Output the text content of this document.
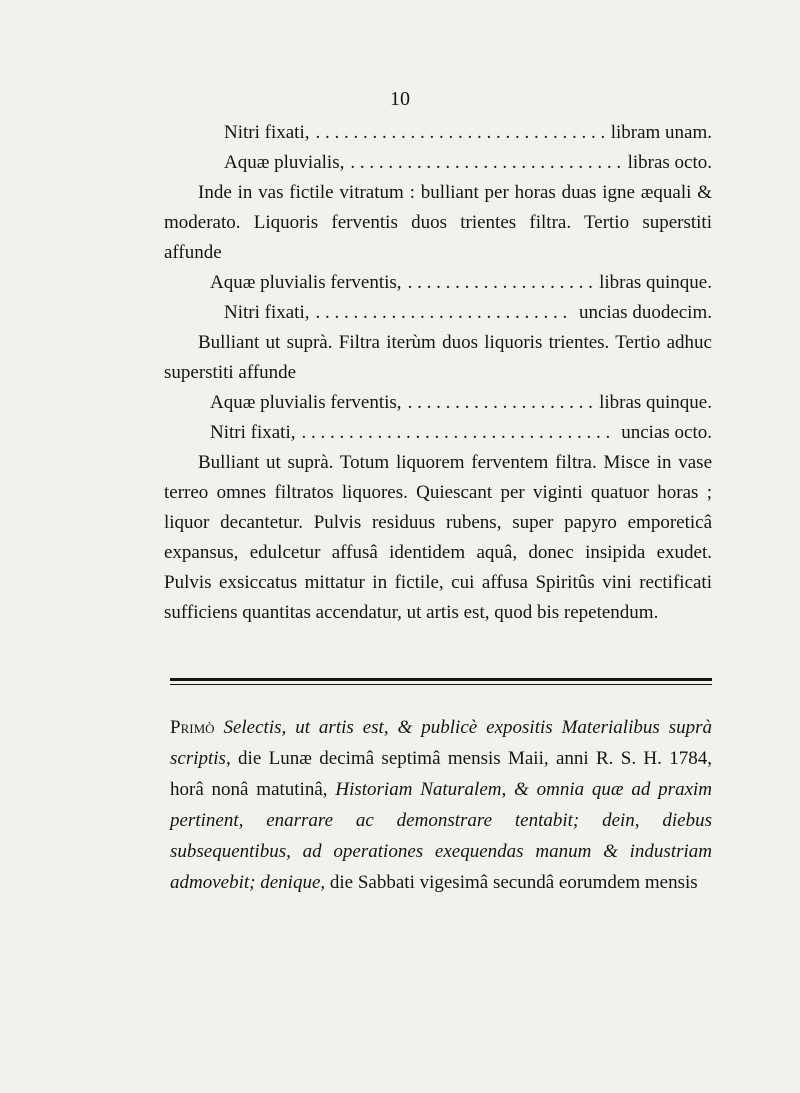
10
Nitri fixati, . . .	libram unam.
Aquæ pluvialis, . . .	libras octo.
Inde in vas fictile vitratum : bulliant per horas duas igne æquali & moderato. Liquoris ferventis duos trientes filtra. Tertio superstiti affunde
Aquæ pluvialis ferventis, . . .	libras quinque.
Nitri fixati, . . .	uncias duodecim.
Bulliant ut suprà. Filtra iterùm duos liquoris trientes. Tertio adhuc superstiti affunde
Aquæ pluvialis ferventis, . . .	libras quinque.
Nitri fixati, . . .	uncias octo.
Bulliant ut suprà. Totum liquorem ferventem filtra. Misce in vase terreo omnes filtratos liquores. Quiescant per viginti quatuor horas ; liquor decantetur. Pulvis residuus rubens, super papyro emporeticâ expansus, edulcetur affusâ identidem aquâ, donec insipida exudet. Pulvis exsiccatus mittatur in fictile, cui affusa Spiritûs vini rectificati sufficiens quantitas accendatur, ut artis est, quod bis repetendum.
Primò Selectis, ut artis est, & publicè expositis Materialibus suprà scriptis, die Lunæ decimâ septimâ mensis Maii, anni R. S. H. 1784, horâ nonâ matutinâ, Historiam Naturalem, & omnia quæ ad praxim pertinent, enarrare ac demonstrare tentabit; dein, diebus subsequentibus, ad operationes exequendas manum & industriam admovebit; denique, die Sabbati vigesimâ secundâ eorumdem mensis
